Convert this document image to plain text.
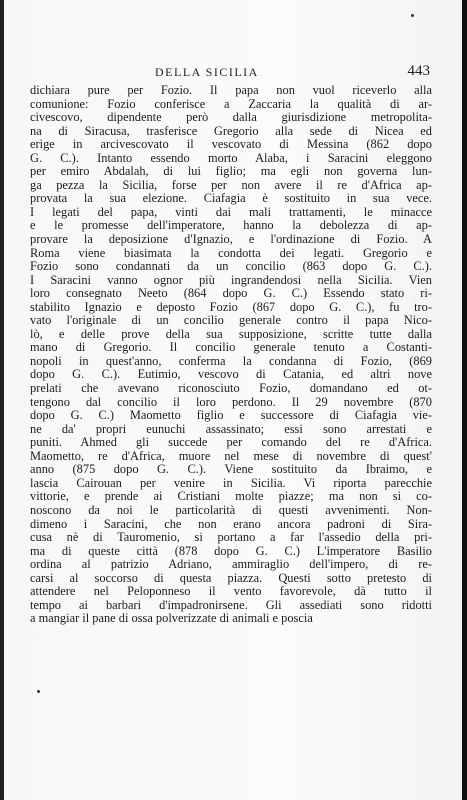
DELLA SICILIA	443
dichiara pure per Fozio. Il papa non vuol riceverlo alla
comunione: Fozio conferisce a Zaccaria la qualità di ar-
civescovo, dipendente però dalla giurisdizione metropolita-
na di Siracusa, trasferisce Gregorio alla sede di Nicea ed
erige in arcivescovato il vescovato di Messina (862 dopo
G. C.). Intanto essendo morto Alaba, i Saracini eleggono
per emiro Abdalah, di lui figlio; ma egli non governa lun-
ga pezza la Sicilia, forse per non avere il re d'Africa ap-
provata la sua elezione. Ciafagia è sostituito in sua vece.
I legati del papa, vinti dai mali trattamenti, le minacce
e le promesse dell'imperatore, hanno la debolezza di ap-
provare la deposizione d'Ignazio, e l'ordinazione di Fozio. A
Roma viene biasimata la condotta dei legati. Gregorio e
Fozio sono condannati da un concilio (863 dopo G. C.).
I Saracini vanno ognor più ingrandendosi nella Sicilia. Vien
loro consegnato Neeto (864 dopo G. C.) Essendo stato ri-
stabilito Ignazio e deposto Fozio (867 dopo G. C.), fu tro-
vato l'originale di un concilio generale contro il papa Nico-
lò, e delle prove della sua supposizione, scritte tutte dalla
mano di Gregorio. Il concilio generale tenuto a Costanti-
nopoli in quest'anno, conferma la condanna di Fozio, (869
dopo G. C.). Eutimio, vescovo di Catania, ed altri nove
prelati che avevano riconosciuto Fozio, domandano ed ot-
tengono dal concilio il loro perdono. Il 29 novembre (870
dopo G. C.) Maometto figlio e successore di Ciafagia vie-
ne da' propri eunuchi assassinato; essi sono arrestati e
puniti. Ahmed gli succede per comando del re d'Africa.
Maometto, re d'Africa, muore nel mese di novembre di quest'
anno (875 dopo G. C.). Viene sostituito da Ibraimo, e
lascia Cairouan per venire in Sicilia. Vi riporta parecchie
vittorie, e prende ai Cristiani molte piazze; ma non si co-
noscono da noi le particolarità di questi avvenimenti. Non-
dimeno i Saracini, che non erano ancora padroni di Sira-
cusa nè di Tauromenio, si portano a far l'assedio della pri-
ma di queste città (878 dopo G. C.) L'imperatore Basilio
ordina al patrizio Adriano, ammiraglio dell'impero, di re-
carsi al soccorso di questa piazza. Questi sotto pretesto di
attendere nel Peloponneso il vento favorevole, dà tutto il
tempo ai barbari d'impadronirsene. Gli assediati sono ridotti
a mangiar il pane di ossa polverizzate di animali e poscia
